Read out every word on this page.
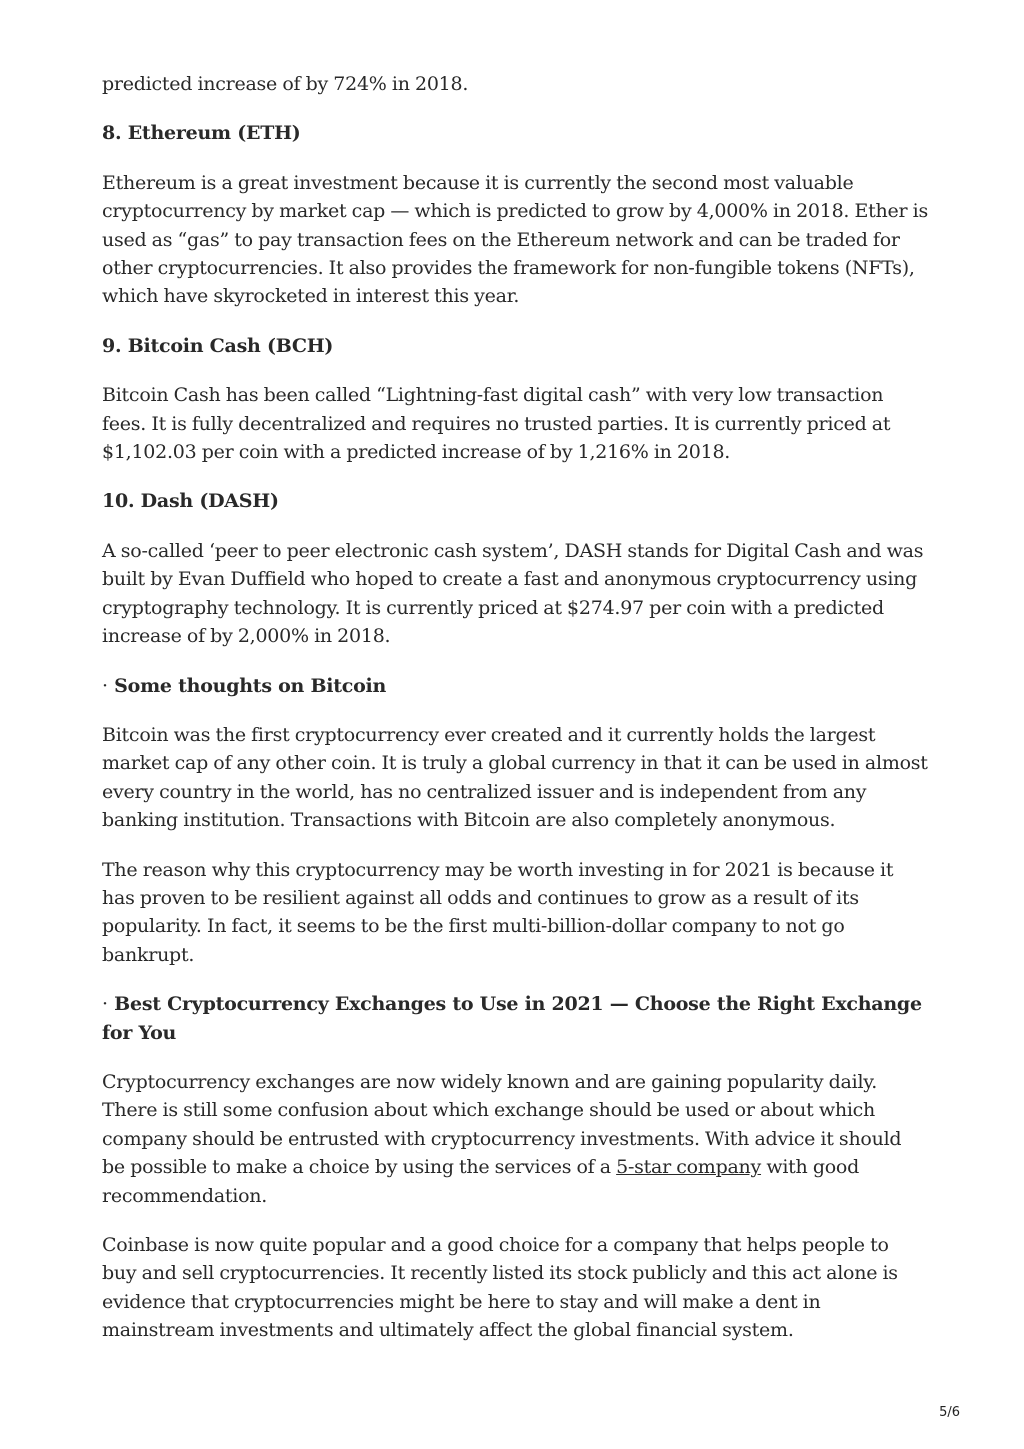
predicted increase of by 724% in 2018.

8. Ethereum (ETH)

Ethereum is a great investment because it is currently the second most valuable cryptocurrency by market cap — which is predicted to grow by 4,000% in 2018. Ether is used as “gas” to pay transaction fees on the Ethereum network and can be traded for other cryptocurrencies. It also provides the framework for non-fungible tokens (NFTs), which have skyrocketed in interest this year.

9. Bitcoin Cash (BCH)

Bitcoin Cash has been called “Lightning-fast digital cash” with very low transaction fees. It is fully decentralized and requires no trusted parties. It is currently priced at $1,102.03 per coin with a predicted increase of by 1,216% in 2018.

10. Dash (DASH)

A so-called ‘peer to peer electronic cash system’, DASH stands for Digital Cash and was built by Evan Duffield who hoped to create a fast and anonymous cryptocurrency using cryptography technology. It is currently priced at $274.97 per coin with a predicted increase of by 2,000% in 2018.

· Some thoughts on Bitcoin

Bitcoin was the first cryptocurrency ever created and it currently holds the largest market cap of any other coin. It is truly a global currency in that it can be used in almost every country in the world, has no centralized issuer and is independent from any banking institution. Transactions with Bitcoin are also completely anonymous.

The reason why this cryptocurrency may be worth investing in for 2021 is because it has proven to be resilient against all odds and continues to grow as a result of its popularity. In fact, it seems to be the first multi-billion-dollar company to not go bankrupt.

· Best Cryptocurrency Exchanges to Use in 2021 — Choose the Right Exchange for You

Cryptocurrency exchanges are now widely known and are gaining popularity daily. There is still some confusion about which exchange should be used or about which company should be entrusted with cryptocurrency investments. With advice it should be possible to make a choice by using the services of a 5-star company with good recommendation.

Coinbase is now quite popular and a good choice for a company that helps people to buy and sell cryptocurrencies. It recently listed its stock publicly and this act alone is evidence that cryptocurrencies might be here to stay and will make a dent in mainstream investments and ultimately affect the global financial system.

5/6
